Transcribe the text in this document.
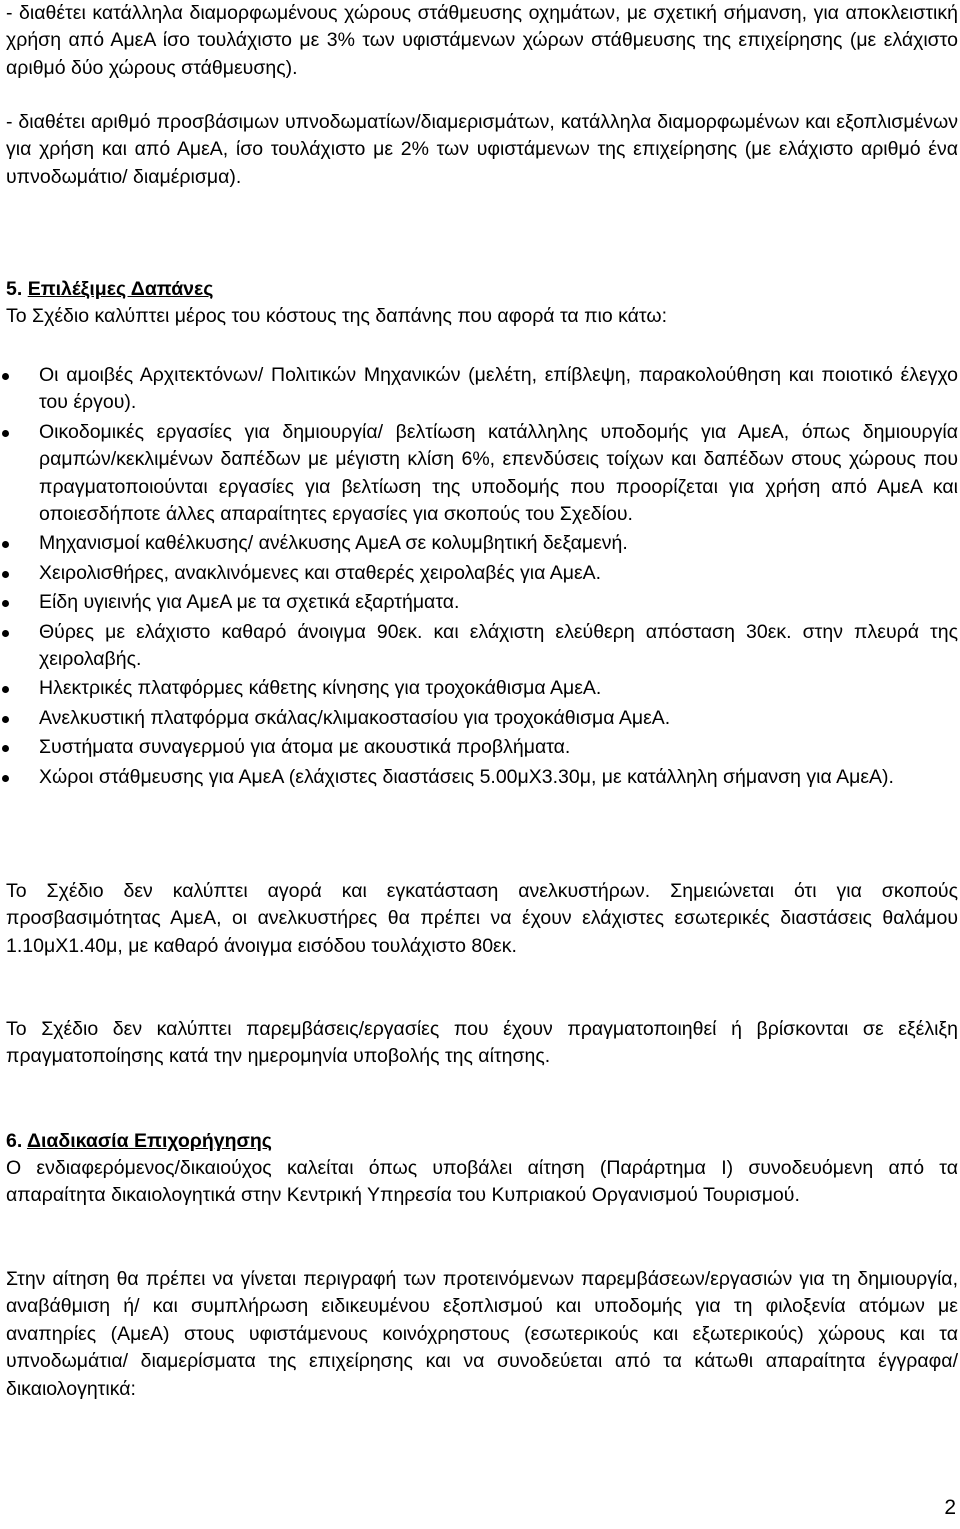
- διαθέτει κατάλληλα διαμορφωμένους χώρους στάθμευσης οχημάτων, με σχετική σήμανση, για αποκλειστική χρήση από ΑμεΑ ίσο τουλάχιστο με 3% των υφιστάμενων χώρων στάθμευσης της επιχείρησης (με ελάχιστο αριθμό δύο χώρους στάθμευσης).

- διαθέτει αριθμό προσβάσιμων υπνοδωματίων/διαμερισμάτων, κατάλληλα διαμορφωμένων και εξοπλισμένων για χρήση και από ΑμεΑ, ίσο τουλάχιστο με 2% των υφιστάμενων της επιχείρησης (με ελάχιστο αριθμό ένα υπνοδωμάτιο/ διαμέρισμα).

5. Επιλέξιμες Δαπάνες

Το Σχέδιο καλύπτει μέρος του κόστους της δαπάνης που αφορά τα πιο κάτω:

Οι αμοιβές Αρχιτεκτόνων/ Πολιτικών Μηχανικών (μελέτη, επίβλεψη, παρακολούθηση και ποιοτικό έλεγχο του έργου).
Οικοδομικές εργασίες για δημιουργία/ βελτίωση κατάλληλης υποδομής για ΑμεΑ, όπως δημιουργία ραμπών/κεκλιμένων δαπέδων με μέγιστη κλίση 6%, επενδύσεις τοίχων και δαπέδων στους χώρους που πραγματοποιούνται εργασίες για βελτίωση της υποδομής που προορίζεται για χρήση από ΑμεΑ και οποιεσδήποτε άλλες απαραίτητες εργασίες για σκοπούς του Σχεδίου.
Μηχανισμοί καθέλκυσης/ ανέλκυσης ΑμεΑ σε κολυμβητική δεξαμενή.
Χειρολισθήρες, ανακλινόμενες και σταθερές χειρολαβές για ΑμεΑ.
Είδη υγιεινής για ΑμεΑ με τα σχετικά εξαρτήματα.
Θύρες με ελάχιστο καθαρό άνοιγμα 90εκ. και ελάχιστη ελεύθερη απόσταση 30εκ. στην πλευρά της χειρολαβής.
Ηλεκτρικές πλατφόρμες κάθετης κίνησης για τροχοκάθισμα ΑμεΑ.
Ανελκυστική πλατφόρμα σκάλας/κλιμακοστασίου για τροχοκάθισμα ΑμεΑ.
Συστήματα συναγερμού για άτομα με ακουστικά προβλήματα.
Χώροι στάθμευσης για ΑμεΑ (ελάχιστες διαστάσεις 5.00μΧ3.30μ, με κατάλληλη σήμανση για ΑμεΑ).

Το Σχέδιο δεν καλύπτει αγορά και εγκατάσταση ανελκυστήρων. Σημειώνεται ότι για σκοπούς προσβασιμότητας ΑμεΑ, οι ανελκυστήρες θα πρέπει να έχουν ελάχιστες εσωτερικές διαστάσεις θαλάμου 1.10μΧ1.40μ, με καθαρό άνοιγμα εισόδου τουλάχιστο 80εκ.

Το Σχέδιο δεν καλύπτει παρεμβάσεις/εργασίες που έχουν πραγματοποιηθεί ή βρίσκονται σε εξέλιξη πραγματοποίησης κατά την ημερομηνία υποβολής της αίτησης.

6. Διαδικασία Επιχορήγησης

Ο ενδιαφερόμενος/δικαιούχος καλείται όπως υποβάλει αίτηση (Παράρτημα Ι) συνοδευόμενη από τα απαραίτητα δικαιολογητικά στην Κεντρική Υπηρεσία του Κυπριακού Οργανισμού Τουρισμού.

Στην αίτηση θα πρέπει να γίνεται περιγραφή των προτεινόμενων παρεμβάσεων/εργασιών για τη δημιουργία, αναβάθμιση ή/ και συμπλήρωση ειδικευμένου εξοπλισμού και υποδομής για τη φιλοξενία ατόμων με αναπηρίες (ΑμεΑ) στους υφιστάμενους κοινόχρηστους (εσωτερικούς και εξωτερικούς) χώρους και τα υπνοδωμάτια/ διαμερίσματα της επιχείρησης και να συνοδεύεται από τα κάτωθι απαραίτητα έγγραφα/δικαιολογητικά:

2
